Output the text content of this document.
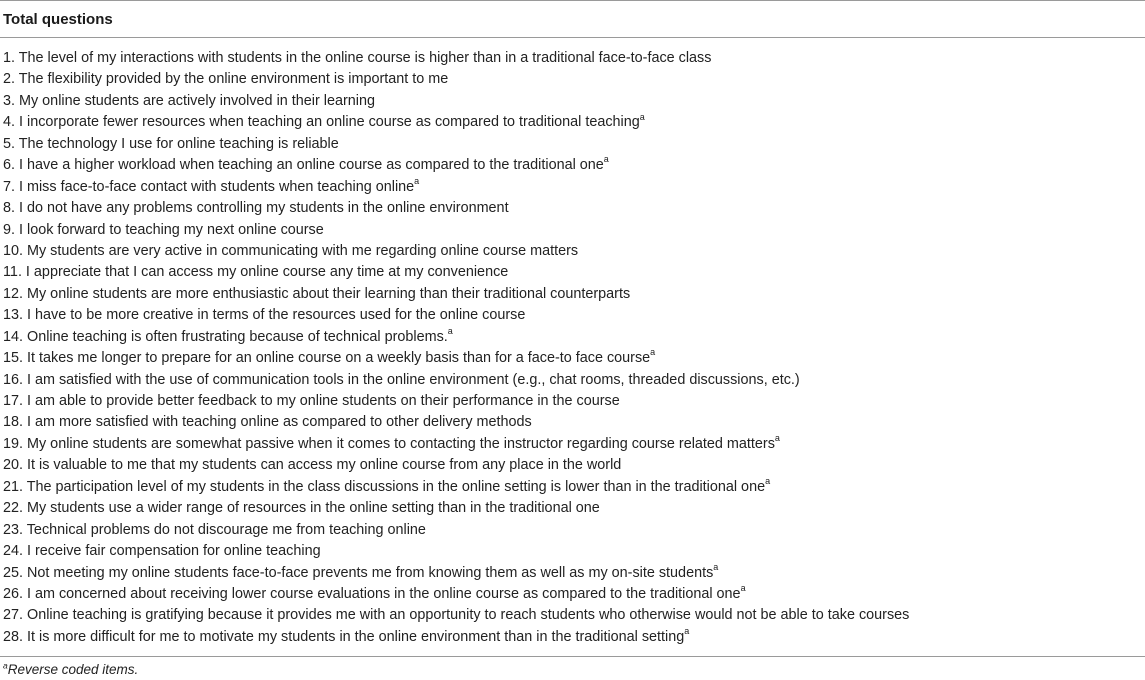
Total questions
1. The level of my interactions with students in the online course is higher than in a traditional face-to-face class
2. The flexibility provided by the online environment is important to me
3. My online students are actively involved in their learning
4. I incorporate fewer resources when teaching an online course as compared to traditional teaching$^a$
5. The technology I use for online teaching is reliable
6. I have a higher workload when teaching an online course as compared to the traditional one$^a$
7. I miss face-to-face contact with students when teaching online$^a$
8. I do not have any problems controlling my students in the online environment
9. I look forward to teaching my next online course
10. My students are very active in communicating with me regarding online course matters
11. I appreciate that I can access my online course any time at my convenience
12. My online students are more enthusiastic about their learning than their traditional counterparts
13. I have to be more creative in terms of the resources used for the online course
14. Online teaching is often frustrating because of technical problems.$^a$
15. It takes me longer to prepare for an online course on a weekly basis than for a face-to face course$^a$
16. I am satisfied with the use of communication tools in the online environment (e.g., chat rooms, threaded discussions, etc.)
17. I am able to provide better feedback to my online students on their performance in the course
18. I am more satisfied with teaching online as compared to other delivery methods
19. My online students are somewhat passive when it comes to contacting the instructor regarding course related matters$^a$
20. It is valuable to me that my students can access my online course from any place in the world
21. The participation level of my students in the class discussions in the online setting is lower than in the traditional one$^a$
22. My students use a wider range of resources in the online setting than in the traditional one
23. Technical problems do not discourage me from teaching online
24. I receive fair compensation for online teaching
25. Not meeting my online students face-to-face prevents me from knowing them as well as my on-site students$^a$
26. I am concerned about receiving lower course evaluations in the online course as compared to the traditional one$^a$
27. Online teaching is gratifying because it provides me with an opportunity to reach students who otherwise would not be able to take courses
28. It is more difficult for me to motivate my students in the online environment than in the traditional setting$^a$
$^a$Reverse coded items.
